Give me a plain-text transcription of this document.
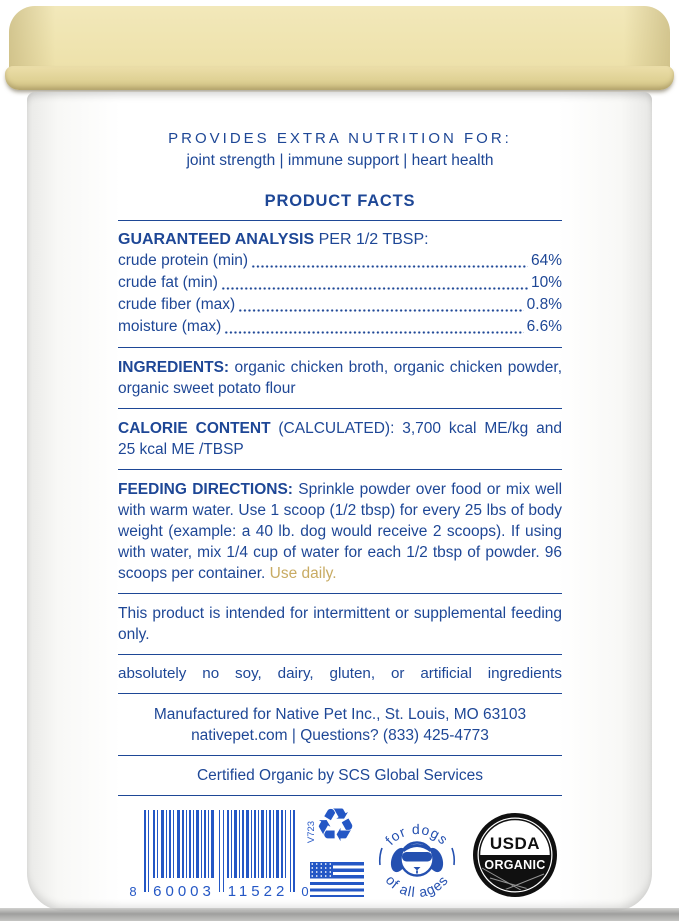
PROVIDES EXTRA NUTRITION FOR:
joint strength | immune support | heart health
PRODUCT FACTS
GUARANTEED ANALYSIS PER 1/2 TBSP:
crude protein (min)	64%
crude fat (min)	10%
crude fiber (max)	0.8%
moisture (max)	6.6%
INGREDIENTS: organic chicken broth, organic chicken powder, organic sweet potato flour
CALORIE CONTENT (CALCULATED): 3,700 kcal ME/kg and 25 kcal ME /TBSP
FEEDING DIRECTIONS: Sprinkle powder over food or mix well with warm water. Use 1 scoop (1/2 tbsp) for every 25 lbs of body weight (example: a 40 lb. dog would receive 2 scoops). If using with water, mix 1/4 cup of water for each 1/2 tbsp of powder. 96 scoops per container. Use daily.
This product is intended for intermittent or supplemental feeding only.
absolutely no soy, dairy, gluten, or artificial ingredients
Manufactured for Native Pet Inc., St. Louis, MO 63103
nativepet.com | Questions? (833) 425-4773
Certified Organic by SCS Global Services
8 60003 11522 0
V723
♻ for dogs
of all ages
USDA
ORGANIC
